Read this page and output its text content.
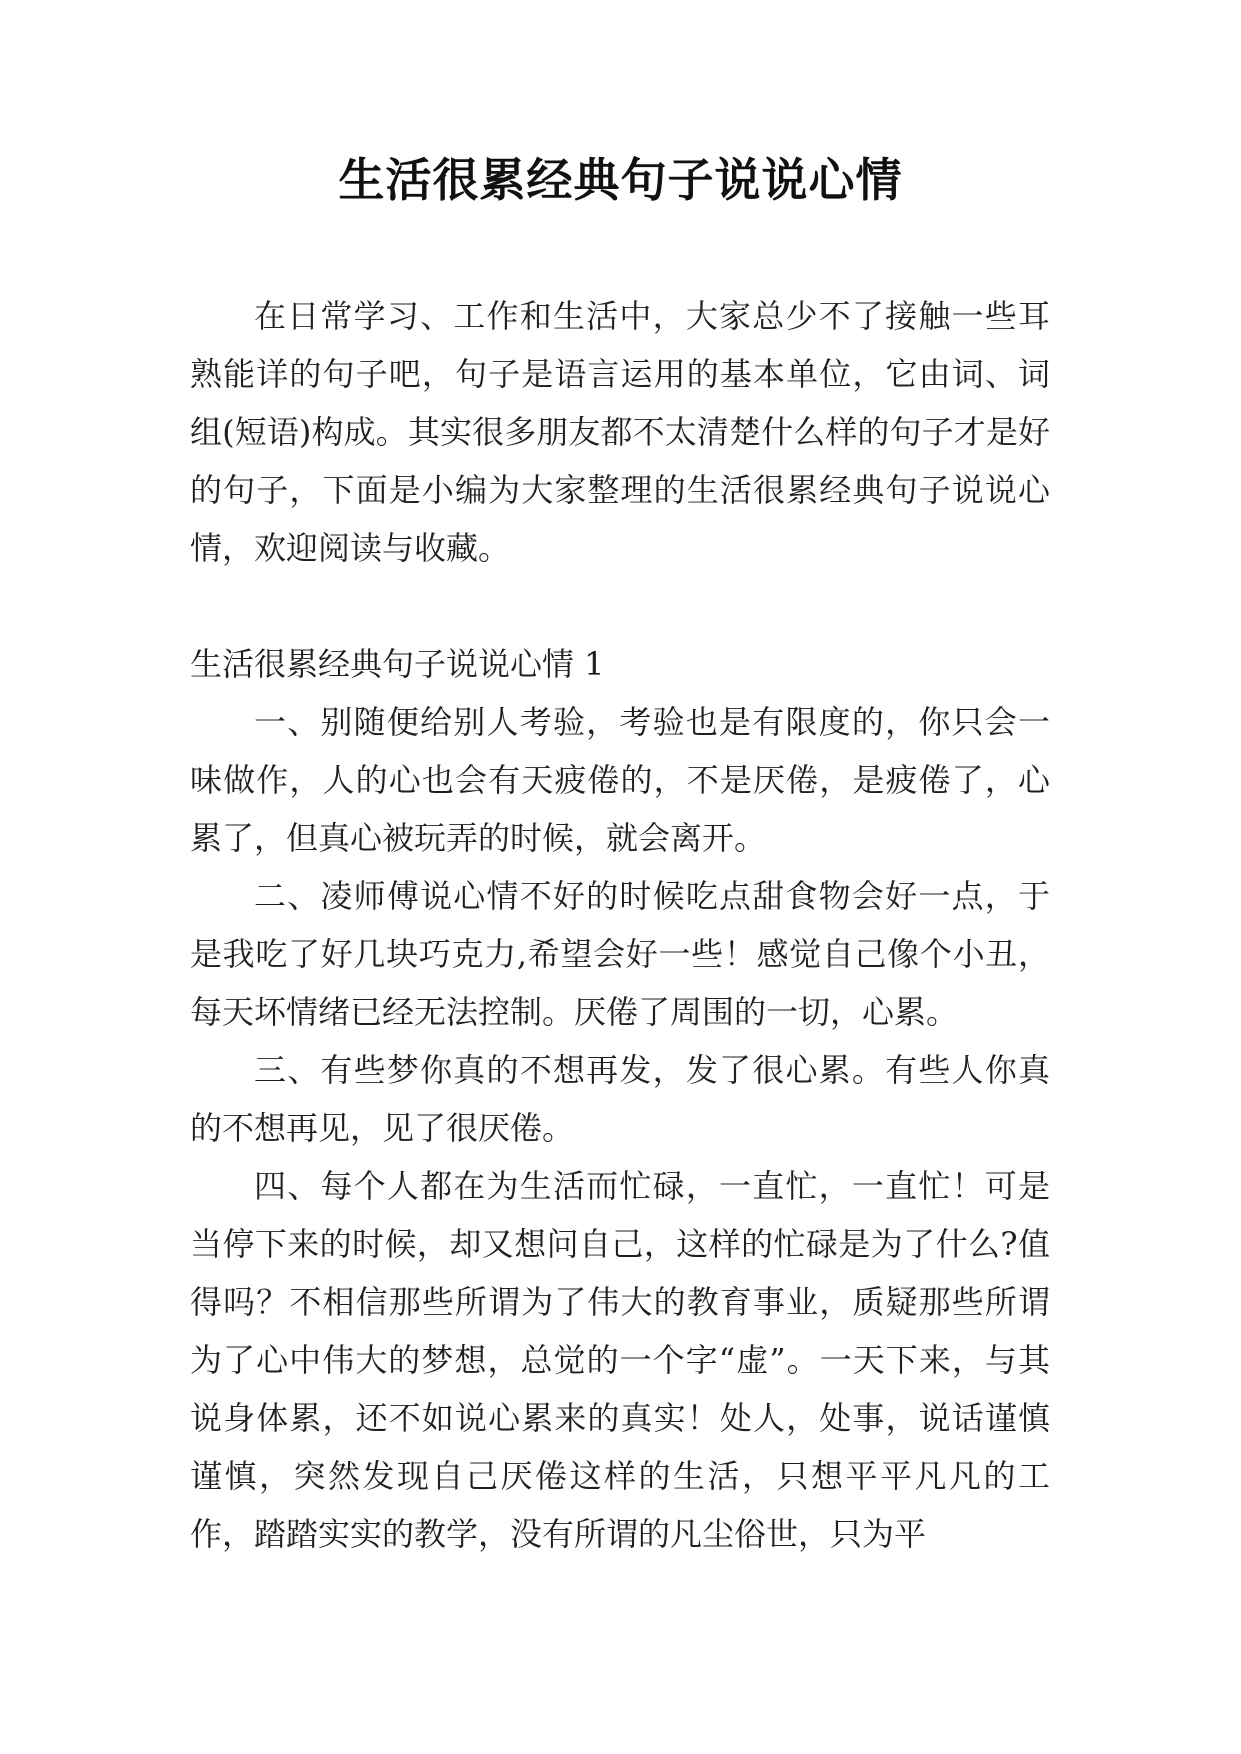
生活很累经典句子说说心情

在日常学习、工作和生活中，大家总少不了接触一些耳熟能详的句子吧，句子是语言运用的基本单位，它由词、词组(短语)构成。其实很多朋友都不太清楚什么样的句子才是好的句子，下面是小编为大家整理的生活很累经典句子说说心情，欢迎阅读与收藏。

生活很累经典句子说说心情 1

一、别随便给别人考验，考验也是有限度的，你只会一味做作，人的心也会有天疲倦的，不是厌倦，是疲倦了，心累了，但真心被玩弄的时候，就会离开。

二、凌师傅说心情不好的时候吃点甜食物会好一点，于是我吃了好几块巧克力,希望会好一些！感觉自己像个小丑，每天坏情绪已经无法控制。厌倦了周围的一切，心累。

三、有些梦你真的不想再发，发了很心累。有些人你真的不想再见，见了很厌倦。

四、每个人都在为生活而忙碌，一直忙，一直忙！可是当停下来的时候，却又想问自己，这样的忙碌是为了什么?值得吗？不相信那些所谓为了伟大的教育事业，质疑那些所谓为了心中伟大的梦想，总觉的一个字“虚”。一天下来，与其说身体累，还不如说心累来的真实！处人，处事，说话谨慎谨慎，突然发现自己厌倦这样的生活，只想平平凡凡的工作，踏踏实实的教学，没有所谓的凡尘俗世，只为平
